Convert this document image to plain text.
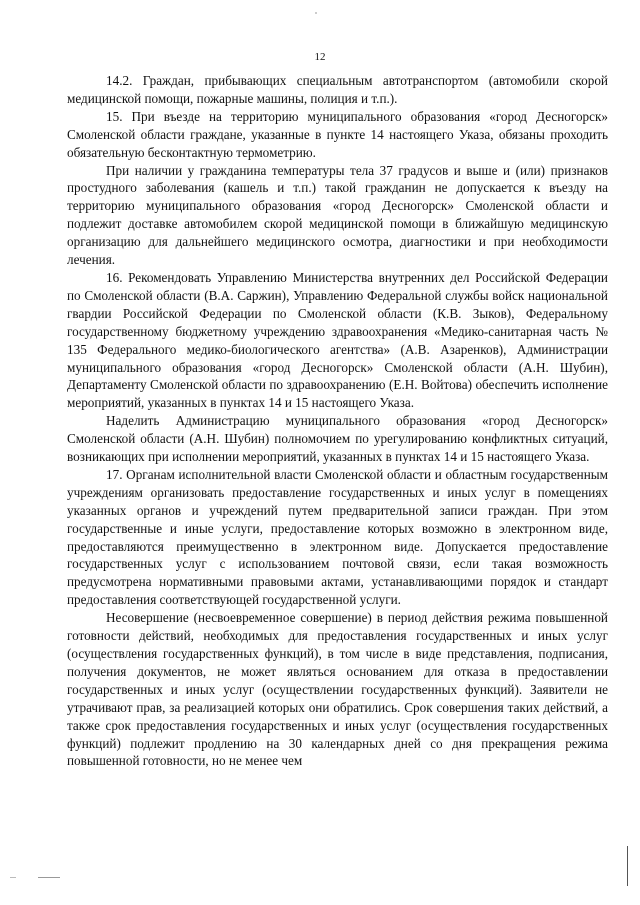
12

14.2. Граждан, прибывающих специальным автотранспортом (автомобили скорой медицинской помощи, пожарные машины, полиция и т.п.).

15. При въезде на территорию муниципального образования «город Десногорск» Смоленской области граждане, указанные в пункте 14 настоящего Указа, обязаны проходить обязательную бесконтактную термометрию.

При наличии у гражданина температуры тела 37 градусов и выше и (или) признаков простудного заболевания (кашель и т.п.) такой гражданин не допускается к въезду на территорию муниципального образования «город Десногорск» Смоленской области и подлежит доставке автомобилем скорой медицинской помощи в ближайшую медицинскую организацию для дальнейшего медицинского осмотра, диагностики и при необходимости лечения.

16. Рекомендовать Управлению Министерства внутренних дел Российской Федерации по Смоленской области (В.А. Саржин), Управлению Федеральной службы войск национальной гвардии Российской Федерации по Смоленской области (К.В. Зыков), Федеральному государственному бюджетному учреждению здравоохранения «Медико-санитарная часть № 135 Федерального медико-биологического агентства» (А.В. Азаренков), Администрации муниципального образования «город Десногорск» Смоленской области (А.Н. Шубин), Департаменту Смоленской области по здравоохранению (Е.Н. Войтова) обеспечить исполнение мероприятий, указанных в пунктах 14 и 15 настоящего Указа.

Наделить Администрацию муниципального образования «город Десногорск» Смоленской области (А.Н. Шубин) полномочием по урегулированию конфликтных ситуаций, возникающих при исполнении мероприятий, указанных в пунктах 14 и 15 настоящего Указа.

17. Органам исполнительной власти Смоленской области и областным государственным учреждениям организовать предоставление государственных и иных услуг в помещениях указанных органов и учреждений путем предварительной записи граждан. При этом государственные и иные услуги, предоставление которых возможно в электронном виде, предоставляются преимущественно в электронном виде. Допускается предоставление государственных услуг с использованием почтовой связи, если такая возможность предусмотрена нормативными правовыми актами, устанавливающими порядок и стандарт предоставления соответствующей государственной услуги.

Несовершение (несвоевременное совершение) в период действия режима повышенной готовности действий, необходимых для предоставления государственных и иных услуг (осуществления государственных функций), в том числе в виде представления, подписания, получения документов, не может являться основанием для отказа в предоставлении государственных и иных услуг (осуществлении государственных функций). Заявители не утрачивают прав, за реализацией которых они обратились. Срок совершения таких действий, а также срок предоставления государственных и иных услуг (осуществления государственных функций) подлежит продлению на 30 календарных дней со дня прекращения режима повышенной готовности, но не менее чем
